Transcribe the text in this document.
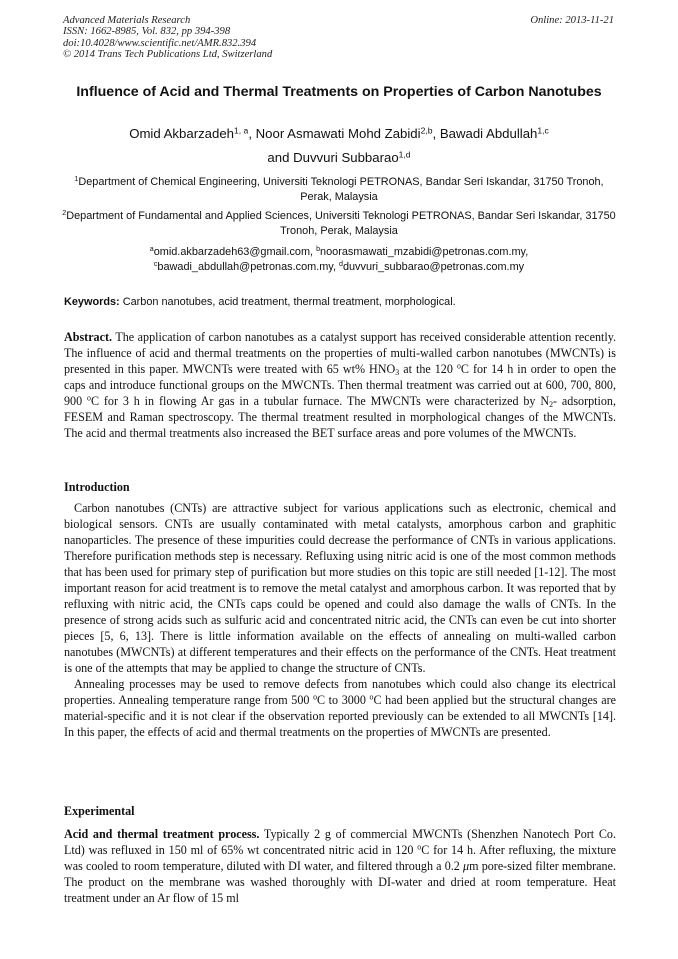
Advanced Materials Research
ISSN: 1662-8985, Vol. 832, pp 394-398
doi:10.4028/www.scientific.net/AMR.832.394
© 2014 Trans Tech Publications Ltd, Switzerland
Online: 2013-11-21
Influence of Acid and Thermal Treatments on Properties of Carbon Nanotubes
Omid Akbarzadeh$^{1, a}$, Noor Asmawati Mohd Zabidi$^{2,b}$, Bawadi Abdullah$^{1,c}$
and Duvvuri Subbarao$^{1,d}$
$^1$Department of Chemical Engineering, Universiti Teknologi PETRONAS, Bandar Seri Iskandar, 31750 Tronoh, Perak, Malaysia
$^2$Department of Fundamental and Applied Sciences, Universiti Teknologi PETRONAS, Bandar Seri Iskandar, 31750 Tronoh, Perak, Malaysia
$^a$omid.akbarzadeh63@gmail.com, $^b$noorasmawati_mzabidi@petronas.com.my,
$^c$bawadi_abdullah@petronas.com.my, $^d$duvvuri_subbarao@petronas.com.my
Keywords: Carbon nanotubes, acid treatment, thermal treatment, morphological.
Abstract. The application of carbon nanotubes as a catalyst support has received considerable attention recently. The influence of acid and thermal treatments on the properties of multi-walled carbon nanotubes (MWCNTs) is presented in this paper. MWCNTs were treated with 65 wt% $HNO_3$ at the 120 $^o$C for 14 h in order to open the caps and introduce functional groups on the MWCNTs. Then thermal treatment was carried out at 600, 700, 800, 900 $^o$C for 3 h in flowing Ar gas in a tubular furnace. The MWCNTs were characterized by $N_2-$ adsorption, FESEM and Raman spectroscopy. The thermal treatment resulted in morphological changes of the MWCNTs. The acid and thermal treatments also increased the BET surface areas and pore volumes of the MWCNTs.
Introduction

Carbon nanotubes (CNTs) are attractive subject for various applications such as electronic, chemical and biological sensors. CNTs are usually contaminated with metal catalysts, amorphous carbon and graphitic nanoparticles. The presence of these impurities could decrease the performance of CNTs in various applications. Therefore purification methods step is necessary. Refluxing using nitric acid is one of the most common methods that has been used for primary step of purification but more studies on this topic are still needed [1-12]. The most important reason for acid treatment is to remove the metal catalyst and amorphous carbon. It was reported that by refluxing with nitric acid, the CNTs caps could be opened and could also damage the walls of CNTs. In the presence of strong acids such as sulfuric acid and concentrated nitric acid, the CNTs can even be cut into shorter pieces [5, 6, 13]. There is little information available on the effects of annealing on multi-walled carbon nanotubes (MWCNTs) at different temperatures and their effects on the performance of the CNTs. Heat treatment is one of the attempts that may be applied to change the structure of CNTs.

Annealing processes may be used to remove defects from nanotubes which could also change its electrical properties. Annealing temperature range from 500 $^o$C to 3000 $^o$C had been applied but the structural changes are material-specific and it is not clear if the observation reported previously can be extended to all MWCNTs [14]. In this paper, the effects of acid and thermal treatments on the properties of MWCNTs are presented.

Experimental
Acid and thermal treatment process. Typically 2 g of commercial MWCNTs (Shenzhen Nanotech Port Co. Ltd) was refluxed in 150 ml of 65% wt concentrated nitric acid in 120 $^o$C for 14 h. After refluxing, the mixture was cooled to room temperature, diluted with DI water, and filtered through a 0.2 μm pore-sized filter membrane. The product on the membrane was washed thoroughly with DI-water and dried at room temperature. Heat treatment under an Ar flow of 15 ml
